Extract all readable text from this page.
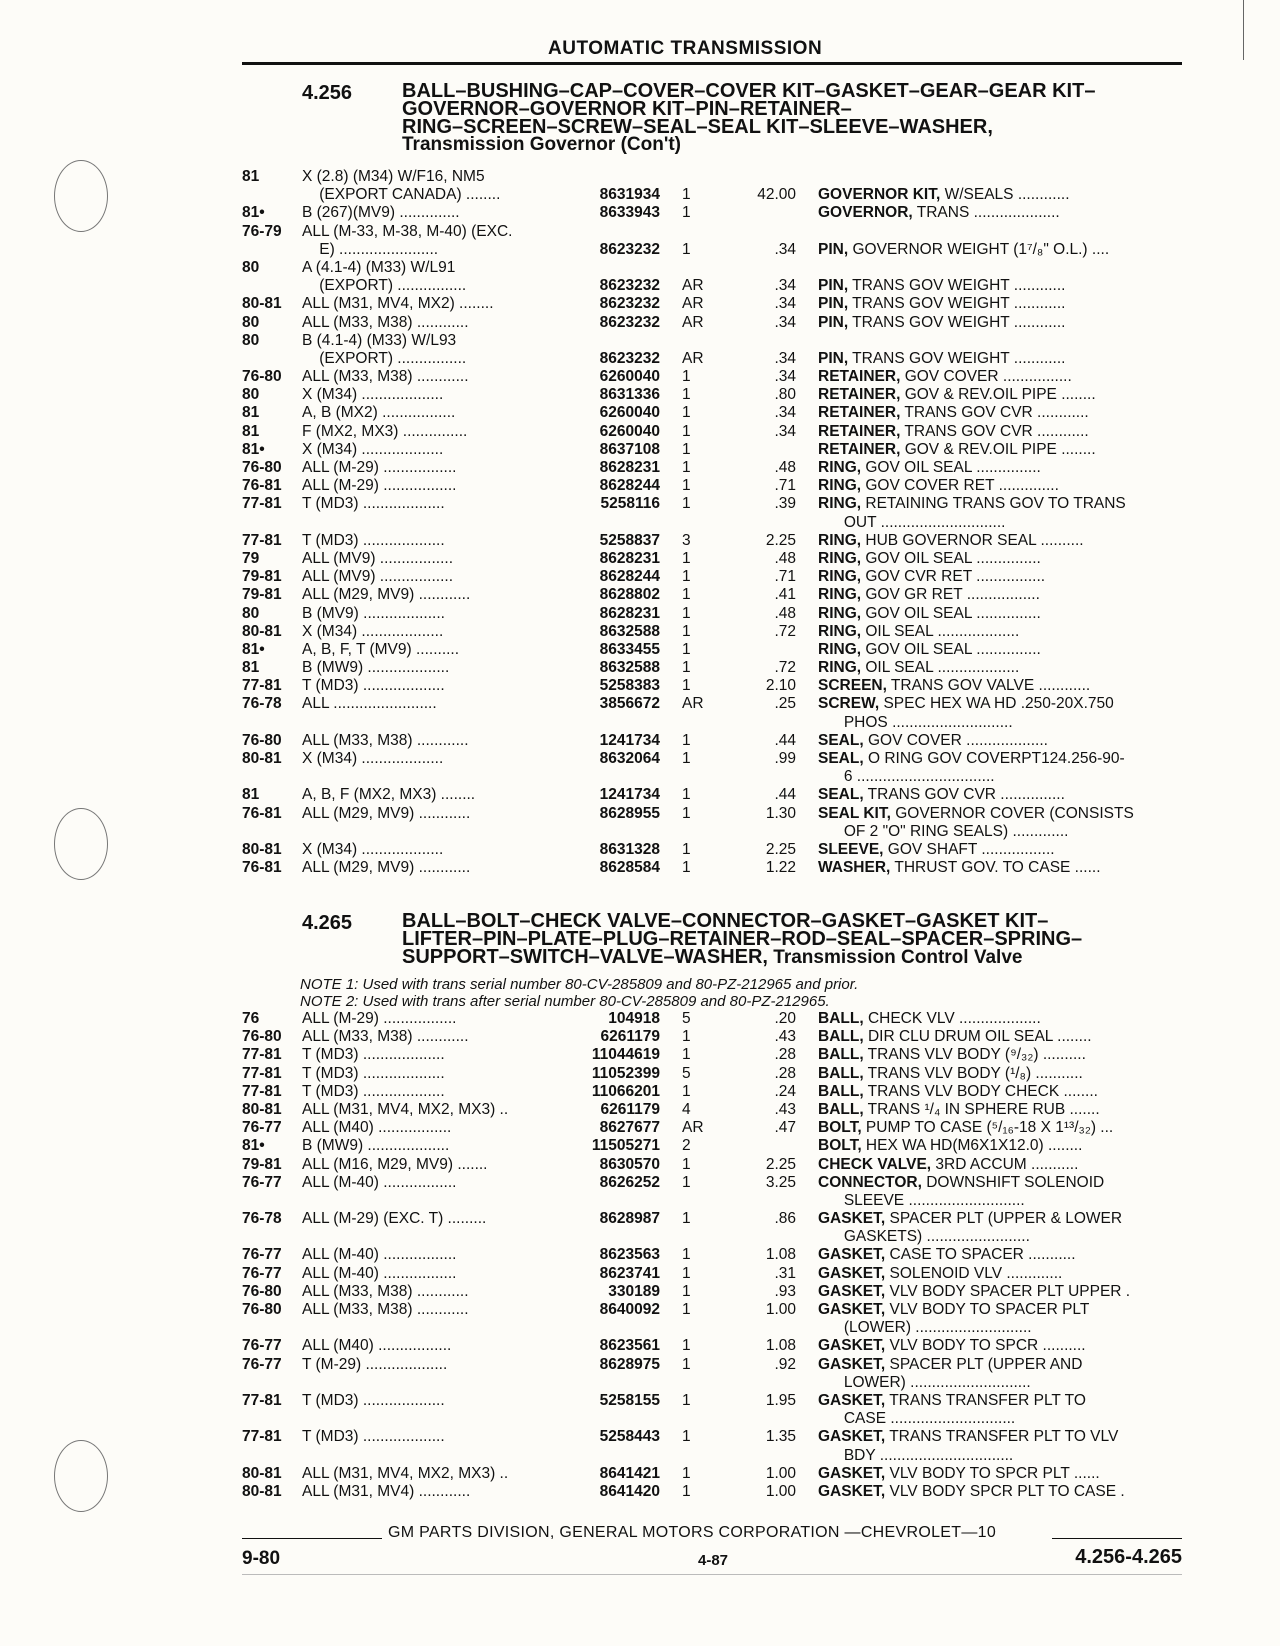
AUTOMATIC TRANSMISSION
4.256 BALL–BUSHING–CAP–COVER–COVER KIT–GASKET–GEAR–GEAR KIT–
GOVERNOR–GOVERNOR KIT–PIN–RETAINER–
RING–SCREEN–SCREW–SEAL–SEAL KIT–SLEEVE–WASHER,
Transmission Governor (Con't)
81	X (2.8) (M34) W/F16, NM5
(EXPORT CANADA) ........	8631934 1	42.00 GOVERNOR KIT, W/SEALS ............
81•	B (267)(MV9) ..............	8633943 1	GOVERNOR, TRANS ....................
76-79	ALL (M-33, M-38, M-40) (EXC.
E) .......................	8623232 1	.34 PIN, GOVERNOR WEIGHT (1⁷/₈" O.L.) ....
80	A (4.1-4) (M33) W/L91
(EXPORT) ................	8623232 AR	.34 PIN, TRANS GOV WEIGHT ............
80-81	ALL (M31, MV4, MX2) ........	8623232 AR	.34 PIN, TRANS GOV WEIGHT ............
80	ALL (M33, M38) ............	8623232 AR	.34 PIN, TRANS GOV WEIGHT ............
80	B (4.1-4) (M33) W/L93
(EXPORT) ................	8623232 AR	.34 PIN, TRANS GOV WEIGHT ............
76-80	ALL (M33, M38) ............	6260040 1	.34 RETAINER, GOV COVER ................
80	X (M34) ...................	8631336 1	.80 RETAINER, GOV & REV.OIL PIPE ........
81	A, B (MX2) .................	6260040 1	.34 RETAINER, TRANS GOV CVR ............
81	F (MX2, MX3) ...............	6260040 1	.34 RETAINER, TRANS GOV CVR ............
81•	X (M34) ...................	8637108 1	RETAINER, GOV & REV.OIL PIPE ........
76-80	ALL (M-29) .................	8628231 1	.48 RING, GOV OIL SEAL ...............
76-81	ALL (M-29) .................	8628244 1	.71 RING, GOV COVER RET ..............
77-81	T (MD3) ...................	5258116 1	.39 RING, RETAINING TRANS GOV TO TRANS
OUT .............................
77-81	T (MD3) ...................	5258837 3	2.25 RING, HUB GOVERNOR SEAL ..........
79	ALL (MV9) .................	8628231 1	.48 RING, GOV OIL SEAL ...............
79-81	ALL (MV9) .................	8628244 1	.71 RING, GOV CVR RET ................
79-81	ALL (M29, MV9) ............	8628802 1	.41 RING, GOV GR RET .................
80	B (MV9) ...................	8628231 1	.48 RING, GOV OIL SEAL ...............
80-81	X (M34) ...................	8632588 1	.72 RING, OIL SEAL ...................
81•	A, B, F, T (MV9) ..........	8633455 1	RING, GOV OIL SEAL ...............
81	B (MW9) ...................	8632588 1	.72 RING, OIL SEAL ...................
77-81	T (MD3) ...................	5258383 1	2.10 SCREEN, TRANS GOV VALVE ............
76-78	ALL ........................	3856672 AR	.25 SCREW, SPEC HEX WA HD .250-20X.750
PHOS ............................
76-80	ALL (M33, M38) ............	1241734 1	.44 SEAL, GOV COVER ...................
80-81	X (M34) ...................	8632064 1	.99 SEAL, O RING GOV COVERPT124.256-90-
6 ................................
81	A, B, F (MX2, MX3) ........	1241734 1	.44 SEAL, TRANS GOV CVR ...............
76-81	ALL (M29, MV9) ............	8628955 1	1.30 SEAL KIT, GOVERNOR COVER (CONSISTS
OF 2 "O" RING SEALS) .............
80-81	X (M34) ...................	8631328 1	2.25 SLEEVE, GOV SHAFT .................
76-81	ALL (M29, MV9) ............	8628584 1	1.22 WASHER, THRUST GOV. TO CASE ......
4.265 BALL–BOLT–CHECK VALVE–CONNECTOR–GASKET–GASKET KIT–
LIFTER–PIN–PLATE–PLUG–RETAINER–ROD–SEAL–SPACER–SPRING–
SUPPORT–SWITCH–VALVE–WASHER, Transmission Control Valve
NOTE 1: Used with trans serial number 80-CV-285809 and 80-PZ-212965 and prior.
NOTE 2: Used with trans after serial number 80-CV-285809 and 80-PZ-212965.
76	ALL (M-29) .................	104918 5	.20 BALL, CHECK VLV ...................
76-80	ALL (M33, M38) ............	6261179 1	.43 BALL, DIR CLU DRUM OIL SEAL ........
77-81	T (MD3) ...................	11044619 1	.28 BALL, TRANS VLV BODY (⁹/₃₂) ..........
77-81	T (MD3) ...................	11052399 5	.28 BALL, TRANS VLV BODY (¹/₈) ...........
77-81	T (MD3) ...................	11066201 1	.24 BALL, TRANS VLV BODY CHECK ........
80-81	ALL (M31, MV4, MX2, MX3) ..	6261179 4	.43 BALL, TRANS ¹/₄ IN SPHERE RUB .......
76-77	ALL (M40) .................	8627677 AR	.47 BOLT, PUMP TO CASE (⁵/₁₆-18 X 1¹³/₃₂) ...
81•	B (MW9) ...................	11505271 2	BOLT, HEX WA HD(M6X1X12.0) ........
79-81	ALL (M16, M29, MV9) .......	8630570 1	2.25 CHECK VALVE, 3RD ACCUM ...........
76-77	ALL (M-40) .................	8626252 1	3.25 CONNECTOR, DOWNSHIFT SOLENOID
SLEEVE ...........................
76-78	ALL (M-29) (EXC. T) .........	8628987 1	.86 GASKET, SPACER PLT (UPPER & LOWER
GASKETS) ........................
76-77	ALL (M-40) .................	8623563 1	1.08 GASKET, CASE TO SPACER ...........
76-77	ALL (M-40) .................	8623741 1	.31 GASKET, SOLENOID VLV .............
76-80	ALL (M33, M38) ............	330189 1	.93 GASKET, VLV BODY SPACER PLT UPPER .
76-80	ALL (M33, M38) ............	8640092 1	1.00 GASKET, VLV BODY TO SPACER PLT
(LOWER) ...........................
76-77	ALL (M40) .................	8623561 1	1.08 GASKET, VLV BODY TO SPCR ..........
76-77	T (M-29) ...................	8628975 1	.92 GASKET, SPACER PLT (UPPER AND
LOWER) ............................
77-81	T (MD3) ...................	5258155 1	1.95 GASKET, TRANS TRANSFER PLT TO
CASE .............................
77-81	T (MD3) ...................	5258443 1	1.35 GASKET, TRANS TRANSFER PLT TO VLV
BDY ...............................
80-81	ALL (M31, MV4, MX2, MX3) ..	8641421 1	1.00 GASKET, VLV BODY TO SPCR PLT ......
80-81	ALL (M31, MV4) ............	8641420 1	1.00 GASKET, VLV BODY SPCR PLT TO CASE .
GM PARTS DIVISION, GENERAL MOTORS CORPORATION —CHEVROLET—10
9-80	4-87	4.256-4.265
